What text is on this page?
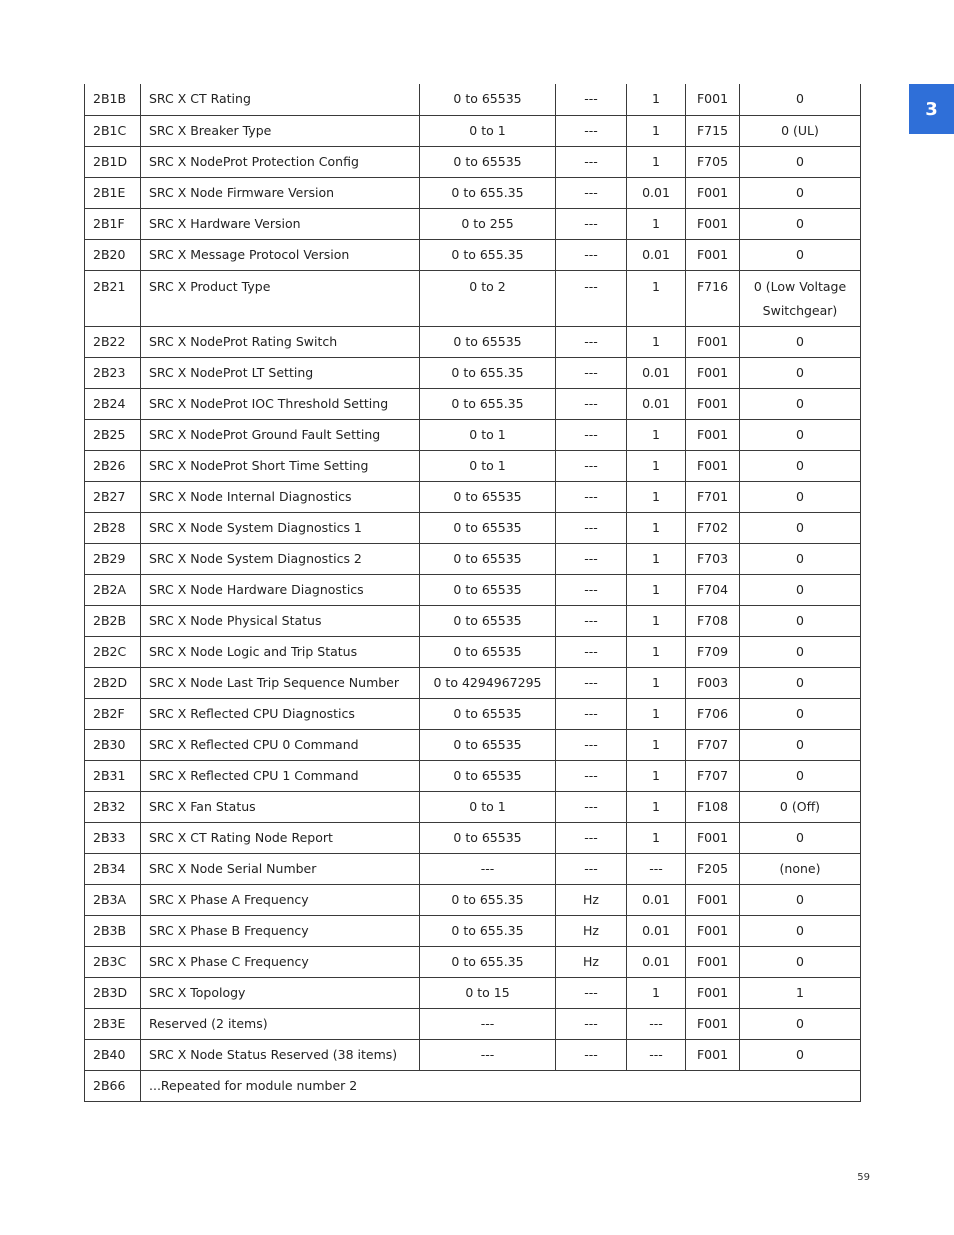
3
2B1B	SRC X CT Rating	0 to 65535	---	1	F001	0
2B1C	SRC X Breaker Type	0 to 1	---	1	F715	0 (UL)
2B1D	SRC X NodeProt Protection Config	0 to 65535	---	1	F705	0
2B1E	SRC X Node Firmware Version	0 to 655.35	---	0.01	F001	0
2B1F	SRC X Hardware Version	0 to 255	---	1	F001	0
2B20	SRC X Message Protocol Version	0 to 655.35	---	0.01	F001	0
2B21	SRC X Product Type	0 to 2	---	1	F716	0 (Low Voltage Switchgear)
2B22	SRC X NodeProt Rating Switch	0 to 65535	---	1	F001	0
2B23	SRC X NodeProt LT Setting	0 to 655.35	---	0.01	F001	0
2B24	SRC X NodeProt IOC Threshold Setting	0 to 655.35	---	0.01	F001	0
2B25	SRC X NodeProt Ground Fault Setting	0 to 1	---	1	F001	0
2B26	SRC X NodeProt Short Time Setting	0 to 1	---	1	F001	0
2B27	SRC X Node Internal Diagnostics	0 to 65535	---	1	F701	0
2B28	SRC X Node System Diagnostics 1	0 to 65535	---	1	F702	0
2B29	SRC X Node System Diagnostics 2	0 to 65535	---	1	F703	0
2B2A	SRC X Node Hardware Diagnostics	0 to 65535	---	1	F704	0
2B2B	SRC X Node Physical Status	0 to 65535	---	1	F708	0
2B2C	SRC X Node Logic and Trip Status	0 to 65535	---	1	F709	0
2B2D	SRC X Node Last Trip Sequence Number	0 to 4294967295	---	1	F003	0
2B2F	SRC X Reflected CPU Diagnostics	0 to 65535	---	1	F706	0
2B30	SRC X Reflected CPU 0 Command	0 to 65535	---	1	F707	0
2B31	SRC X Reflected CPU 1 Command	0 to 65535	---	1	F707	0
2B32	SRC X Fan Status	0 to 1	---	1	F108	0 (Off)
2B33	SRC X CT Rating Node Report	0 to 65535	---	1	F001	0
2B34	SRC X Node Serial Number	---	---	---	F205	(none)
2B3A	SRC X Phase A Frequency	0 to 655.35	Hz	0.01	F001	0
2B3B	SRC X Phase B Frequency	0 to 655.35	Hz	0.01	F001	0
2B3C	SRC X Phase C Frequency	0 to 655.35	Hz	0.01	F001	0
2B3D	SRC X Topology	0 to 15	---	1	F001	1
2B3E	Reserved (2 items)	---	---	---	F001	0
2B40	SRC X Node Status Reserved (38 items)	---	---	---	F001	0
2B66	...Repeated for module number 2					
59
